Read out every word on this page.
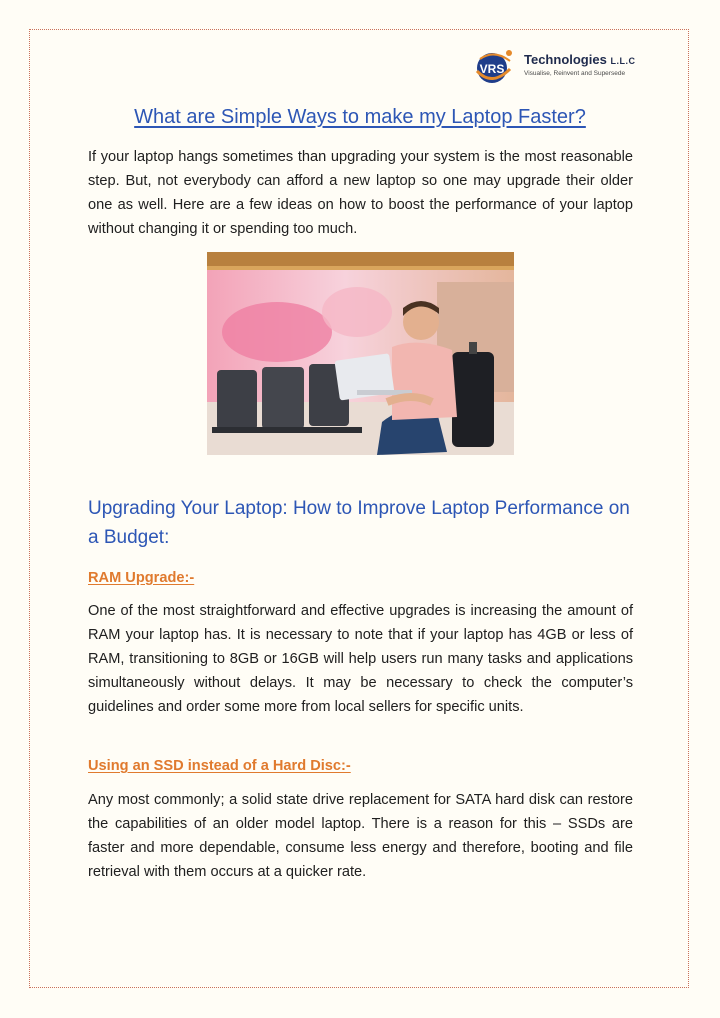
VRS
Technologies L.L.C
Visualise, Reinvent and Supersede
What are Simple Ways to make my Laptop Faster?

If your laptop hangs sometimes than upgrading your system is the most reasonable step. But, not everybody can afford a new laptop so one may upgrade their older one as well. Here are a few ideas on how to boost the performance of your laptop without changing it or spending too much.

Upgrading Your Laptop: How to Improve Laptop Performance on a Budget:
RAM Upgrade:-

One of the most straightforward and effective upgrades is increasing the amount of RAM your laptop has. It is necessary to note that if your laptop has 4GB or less of RAM, transitioning to 8GB or 16GB will help users run many tasks and applications simultaneously without delays. It may be necessary to check the computer’s guidelines and order some more from local sellers for specific units.

Using an SSD instead of a Hard Disc:-

Any most commonly; a solid state drive replacement for SATA hard disk can restore the capabilities of an older model laptop. There is a reason for this – SSDs are faster and more dependable, consume less energy and therefore, booting and file retrieval with them occurs at a quicker rate.
